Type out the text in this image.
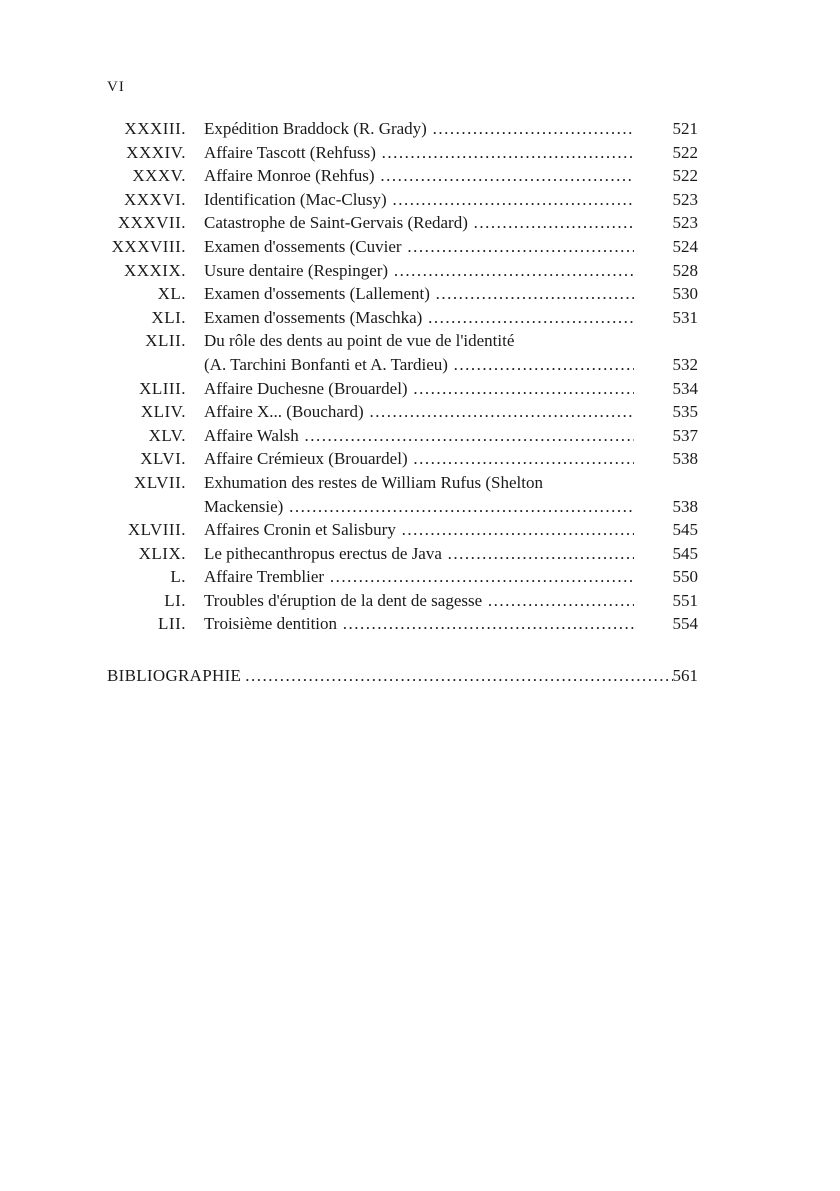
VI
XXXIII.	Expédition Braddock (R. Grady) .....	521
XXXIV.	Affaire Tascott (Rehfuss) .....	522
XXXV.	Affaire Monroe (Rehfus) .....	522
XXXVI.	Identification (Mac-Clusy) .....	523
XXXVII.	Catastrophe de Saint-Gervais (Redard) .....	523
XXXVIII.	Examen d'ossements (Cuvier .....	524
XXXIX.	Usure dentaire (Respinger) .....	528
XL.	Examen d'ossements (Lallement) .....	530
XLI.	Examen d'ossements (Maschka) .....	531
XLII.	Du rôle des dents au point de vue de l'identité
(A. Tarchini Bonfanti et A. Tardieu) .....	532
XLIII.	Affaire Duchesne (Brouardel) .....	534
XLIV.	Affaire X... (Bouchard) .....	535
XLV.	Affaire Walsh .....	537
XLVI.	Affaire Crémieux (Brouardel) .....	538
XLVII.	Exhumation des restes de William Rufus (Shelton
Mackensie) .....	538
XLVIII.	Affaires Cronin et Salisbury .....	545
XLIX.	Le pithecanthropus erectus de Java .....	545
L.	Affaire Tremblier .....	550
LI.	Troubles d'éruption de la dent de sagesse .....	551
LII.	Troisième dentition .....	554
BIBLIOGRAPHIE .....	561
